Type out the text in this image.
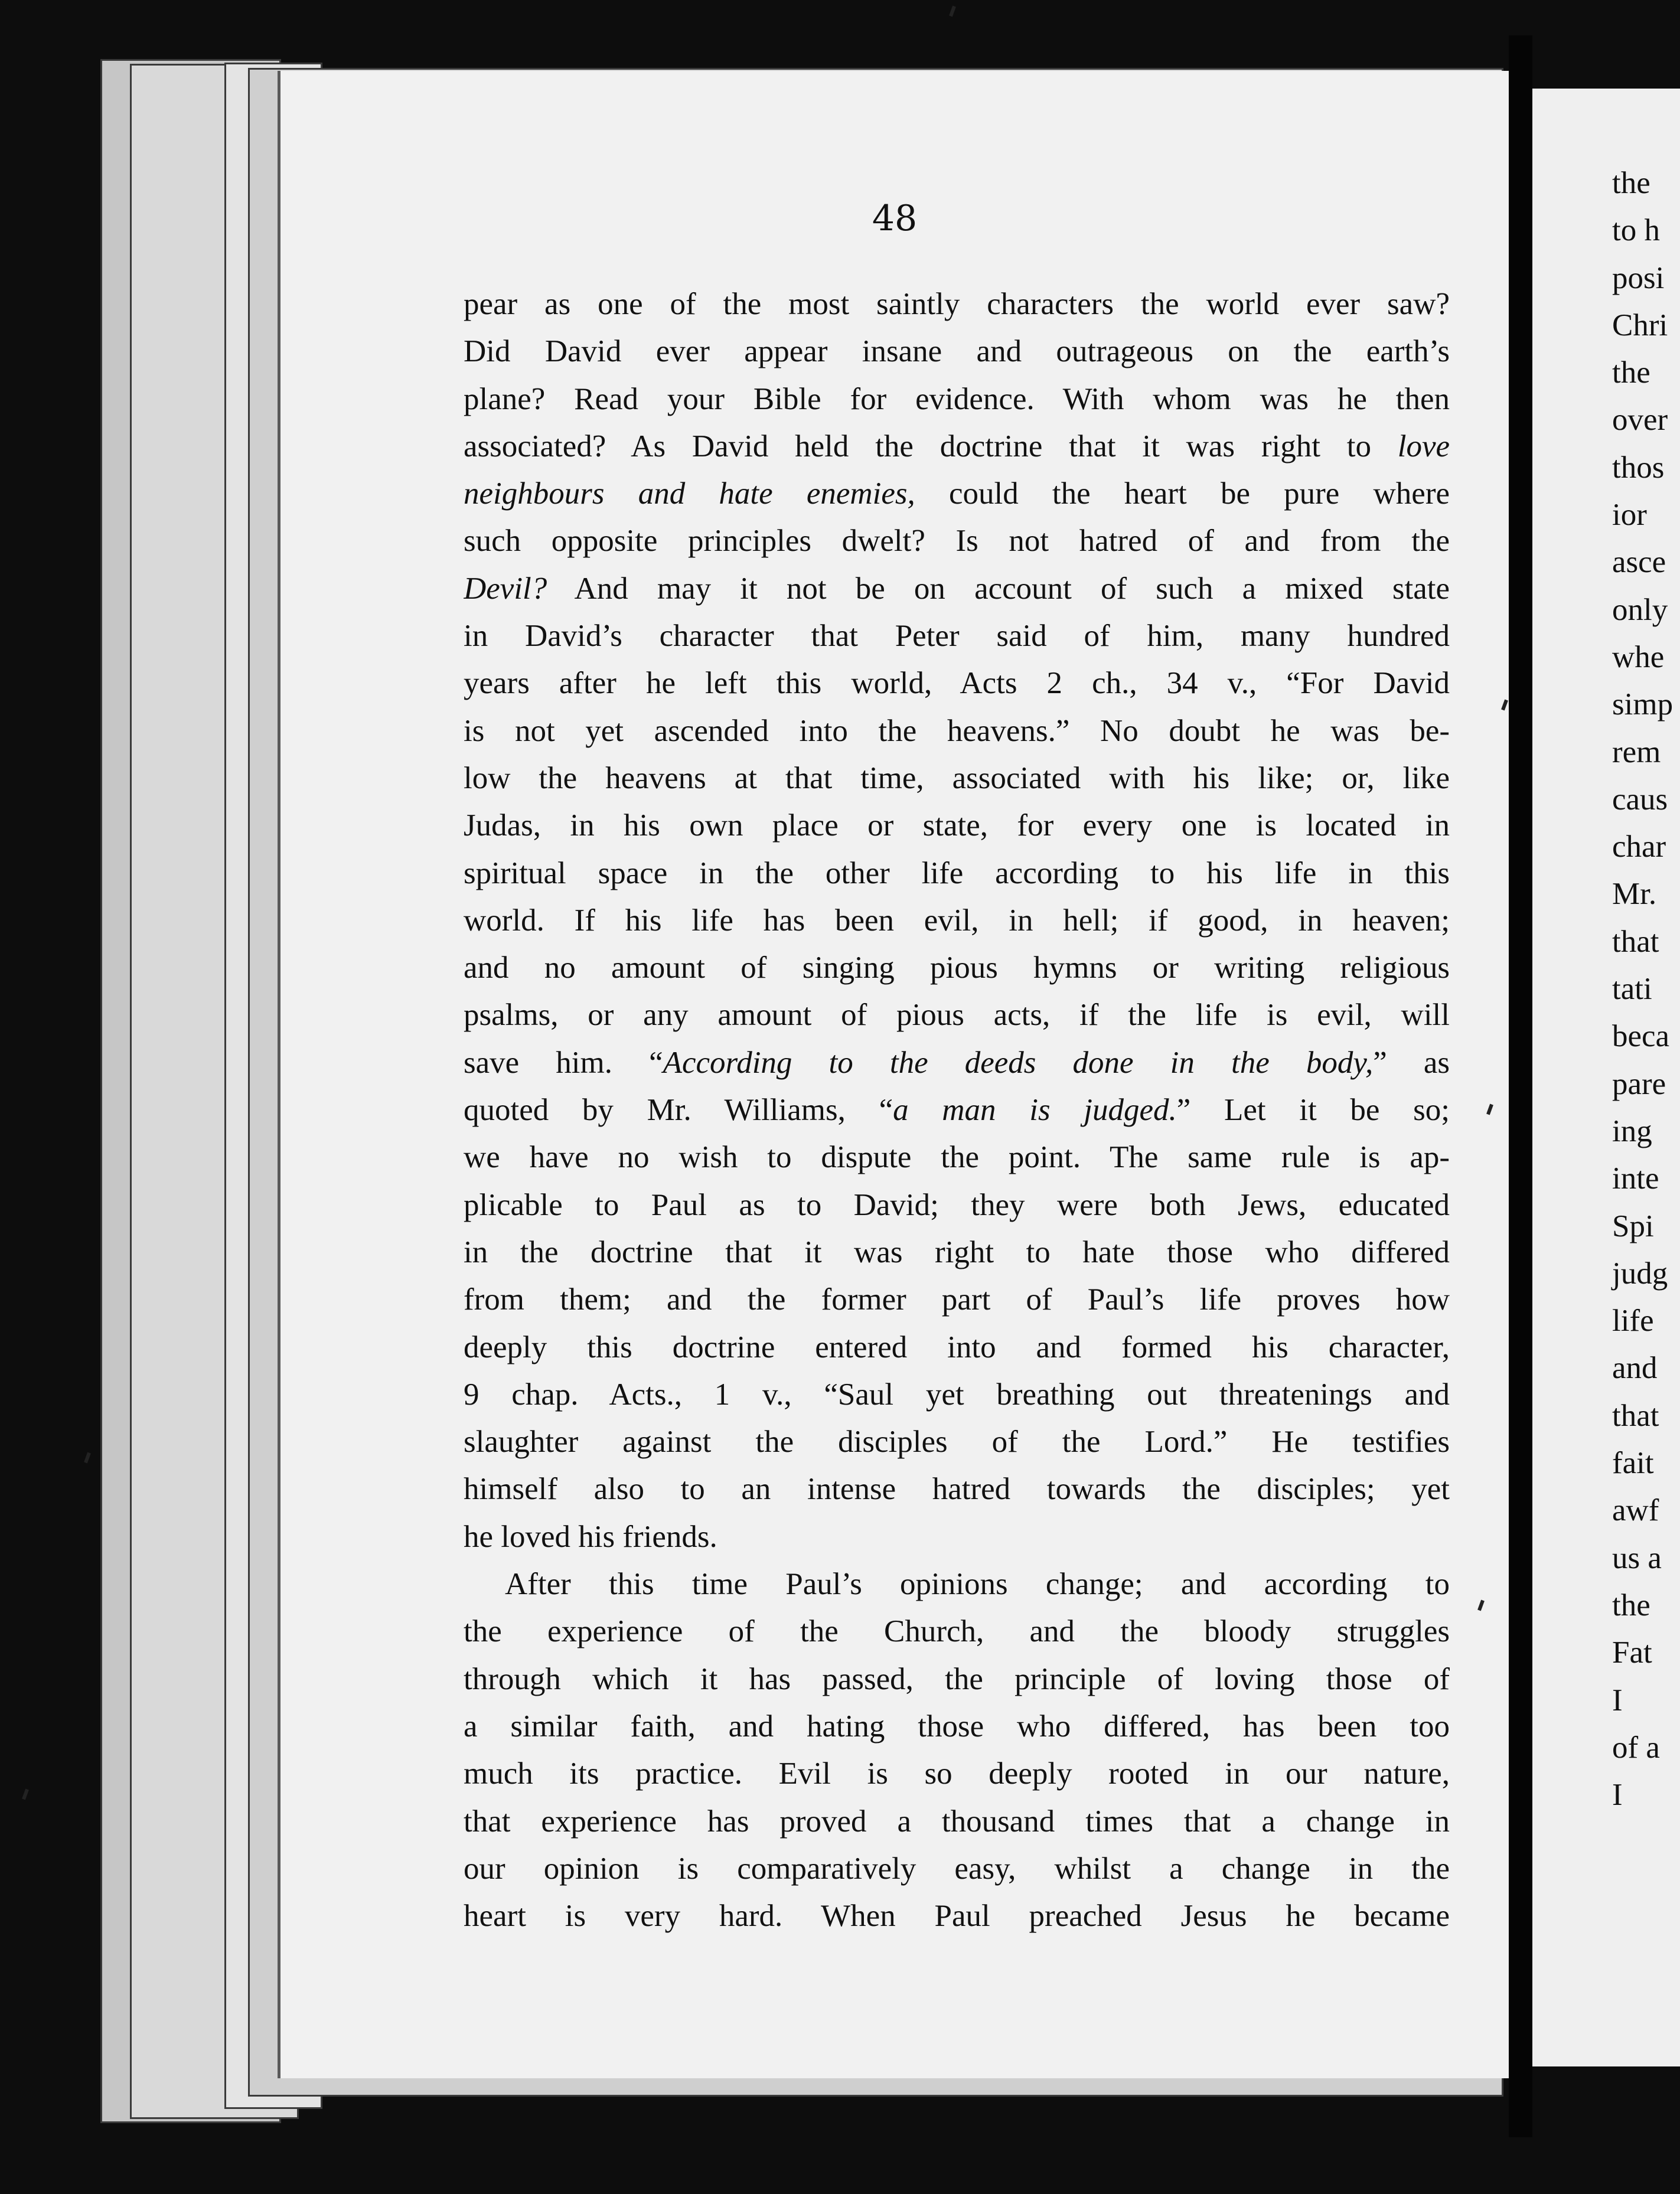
48
pear as one of the most saintly characters the world ever saw?
Did David ever appear insane and outrageous on the earth’s
plane? Read your Bible for evidence. With whom was he then
associated? As David held the doctrine that it was right to love
neighbours and hate enemies, could the heart be pure where
such opposite principles dwelt? Is not hatred of and from the
Devil? And may it not be on account of such a mixed state
in David’s character that Peter said of him, many hundred
years after he left this world, Acts 2 ch., 34 v., “For David
is not yet ascended into the heavens.” No doubt he was be-
low the heavens at that time, associated with his like; or, like
Judas, in his own place or state, for every one is located in
spiritual space in the other life according to his life in this
world. If his life has been evil, in hell; if good, in heaven;
and no amount of singing pious hymns or writing religious
psalms, or any amount of pious acts, if the life is evil, will
save him. “According to the deeds done in the body,” as
quoted by Mr. Williams, “a man is judged.” Let it be so;
we have no wish to dispute the point. The same rule is ap-
plicable to Paul as to David; they were both Jews, educated
in the doctrine that it was right to hate those who differed
from them; and the former part of Paul’s life proves how
deeply this doctrine entered into and formed his character,
9 chap. Acts., 1 v., “Saul yet breathing out threatenings and
slaughter against the disciples of the Lord.” He testifies
himself also to an intense hatred towards the disciples; yet
he loved his friends.
After this time Paul’s opinions change; and according to
the experience of the Church, and the bloody struggles
through which it has passed, the principle of loving those of
a similar faith, and hating those who differed, has been too
much its practice. Evil is so deeply rooted in our nature,
that experience has proved a thousand times that a change in
our opinion is comparatively easy, whilst a change in the
heart is very hard. When Paul preached Jesus he became
the
to h
posi
Chri
the
over
thos
ior
asce
only
whe
simp
rem
caus
char
Mr.
that
tati
beca
pare
ing
inte
Spi
judg
life
and
that
fait
awf
us a
the
Fat
I
of a
I
